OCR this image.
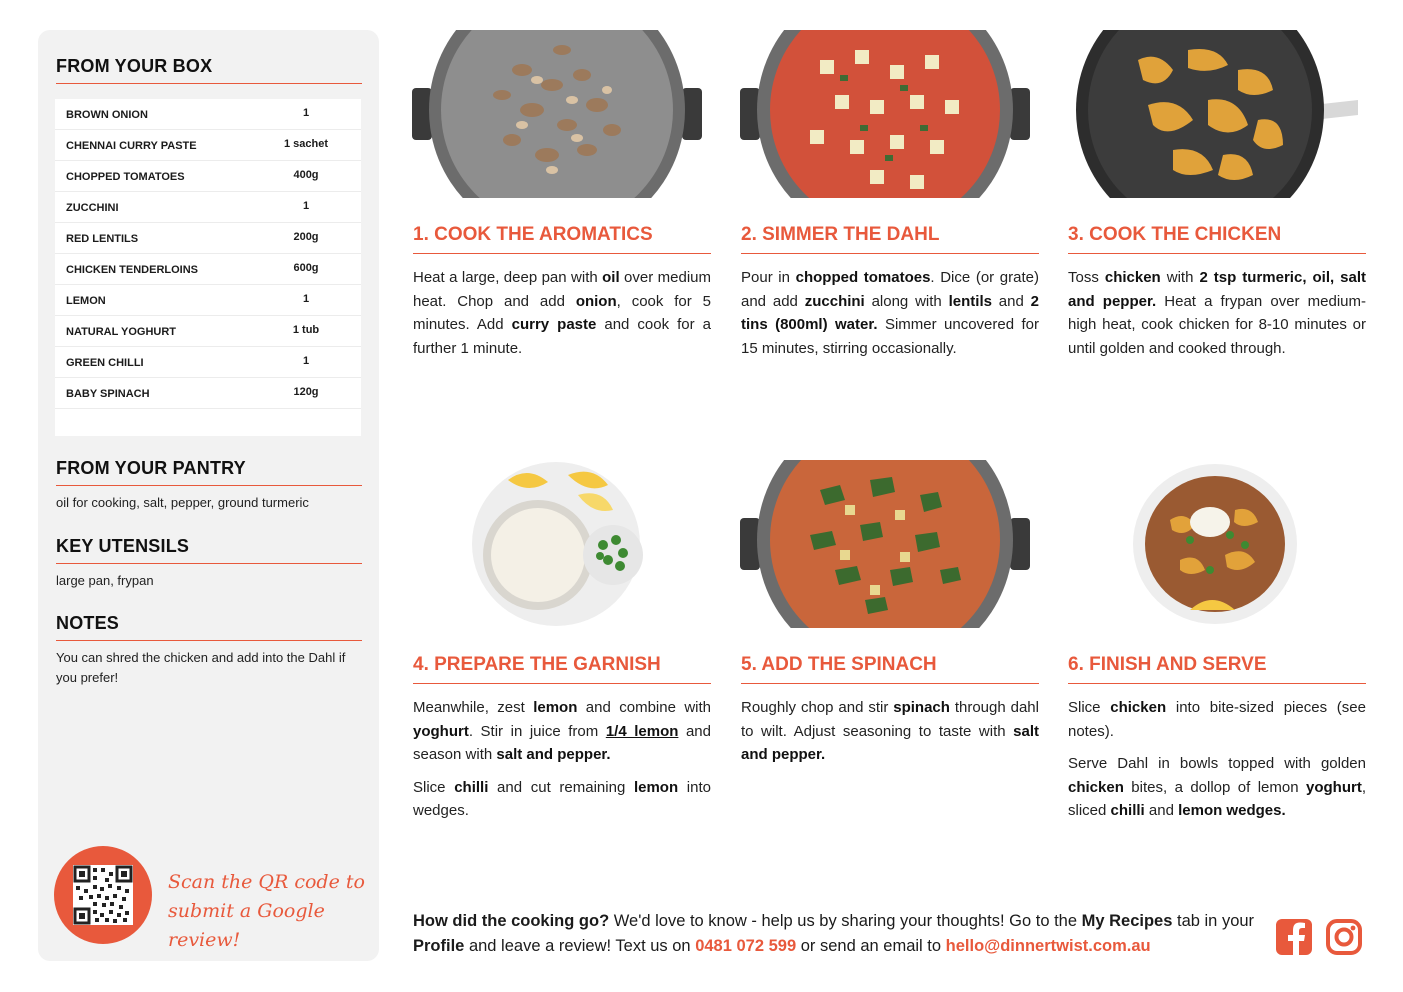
FROM YOUR BOX
BROWN ONION	1
CHENNAI CURRY PASTE	1 sachet
CHOPPED TOMATOES	400g
ZUCCHINI	1
RED LENTILS	200g
CHICKEN TENDERLOINS	600g
LEMON	1
NATURAL YOGHURT	1 tub
GREEN CHILLI	1
BABY SPINACH	120g
FROM YOUR PANTRY
oil for cooking, salt, pepper, ground turmeric
KEY UTENSILS
large pan, frypan
NOTES
You can shred the chicken and add into the Dahl if you prefer!
Scan the QR code to
submit a Google review!
1. COOK THE AROMATICS

Heat a large, deep pan with oil over medium heat. Chop and add onion, cook for 5 minutes. Add curry paste and cook for a further 1 minute.

2. SIMMER THE DAHL

Pour in chopped tomatoes. Dice (or grate) and add zucchini along with lentils and 2 tins (800ml) water. Simmer uncovered for 15 minutes, stirring occasionally.

3. COOK THE CHICKEN

Toss chicken with 2 tsp turmeric, oil, salt and pepper. Heat a frypan over medium-high heat, cook chicken for 8-10 minutes or until golden and cooked through.

4. PREPARE THE GARNISH

Meanwhile, zest lemon and combine with yoghurt. Stir in juice from 1/4 lemon and season with salt and pepper.

Slice chilli and cut remaining lemon into wedges.

5. ADD THE SPINACH

Roughly chop and stir spinach through dahl to wilt. Adjust seasoning to taste with salt and pepper.

6. FINISH AND SERVE

Slice chicken into bite-sized pieces (see notes).

Serve Dahl in bowls topped with golden chicken bites, a dollop of lemon yoghurt, sliced chilli and lemon wedges.

How did the cooking go? We'd love to know - help us by sharing your thoughts! Go to the My Recipes tab in your Profile and leave a review! Text us on 0481 072 599 or send an email to hello@dinnertwist.com.au
